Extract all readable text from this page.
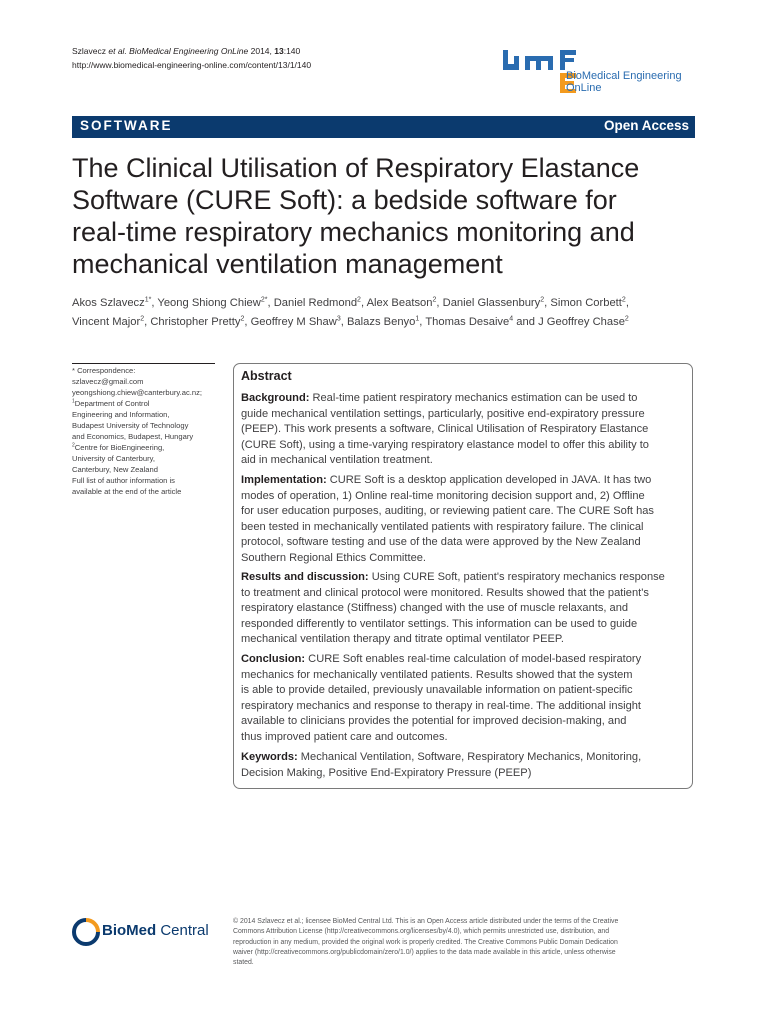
Szlavecz et al. BioMedical Engineering OnLine 2014, 13:140
http://www.biomedical-engineering-online.com/content/13/1/140
BioMedical Engineering
OnLine
SOFTWARE	Open Access
The Clinical Utilisation of Respiratory Elastance
Software (CURE Soft): a bedside software for
real-time respiratory mechanics monitoring and
mechanical ventilation management
Akos Szlavecz$^{1*}$, Yeong Shiong Chiew$^{2*}$, Daniel Redmond$^2$, Alex Beatson$^2$, Daniel Glassenbury$^2$, Simon Corbett$^2$,
Vincent Major$^2$, Christopher Pretty$^2$, Geoffrey M Shaw$^3$, Balazs Benyo$^1$, Thomas Desaive$^4$ and J Geoffrey Chase$^2$
* Correspondence:
szlavecz@gmail.com
yeongshiong.chiew@canterbury.ac.nz;
$^1$Department of Control
Engineering and Information,
Budapest University of Technology
and Economics, Budapest, Hungary
$^2$Centre for BioEngineering,
University of Canterbury,
Canterbury, New Zealand
Full list of author information is
available at the end of the article
Abstract
Background: Real-time patient respiratory mechanics estimation can be used to
guide mechanical ventilation settings, particularly, positive end-expiratory pressure
(PEEP). This work presents a software, Clinical Utilisation of Respiratory Elastance
(CURE Soft), using a time-varying respiratory elastance model to offer this ability to
aid in mechanical ventilation treatment.
Implementation: CURE Soft is a desktop application developed in JAVA. It has two
modes of operation, 1) Online real-time monitoring decision support and, 2) Offline
for user education purposes, auditing, or reviewing patient care. The CURE Soft has
been tested in mechanically ventilated patients with respiratory failure. The clinical
protocol, software testing and use of the data were approved by the New Zealand
Southern Regional Ethics Committee.
Results and discussion: Using CURE Soft, patient's respiratory mechanics response
to treatment and clinical protocol were monitored. Results showed that the patient's
respiratory elastance (Stiffness) changed with the use of muscle relaxants, and
responded differently to ventilator settings. This information can be used to guide
mechanical ventilation therapy and titrate optimal ventilator PEEP.
Conclusion: CURE Soft enables real-time calculation of model-based respiratory
mechanics for mechanically ventilated patients. Results showed that the system
is able to provide detailed, previously unavailable information on patient-specific
respiratory mechanics and response to therapy in real-time. The additional insight
available to clinicians provides the potential for improved decision-making, and
thus improved patient care and outcomes.
Keywords: Mechanical Ventilation, Software, Respiratory Mechanics, Monitoring,
Decision Making, Positive End-Expiratory Pressure (PEEP)
BioMed Central
© 2014 Szlavecz et al.; licensee BioMed Central Ltd. This is an Open Access article distributed under the terms of the Creative
Commons Attribution License (http://creativecommons.org/licenses/by/4.0), which permits unrestricted use, distribution, and
reproduction in any medium, provided the original work is properly credited. The Creative Commons Public Domain Dedication
waiver (http://creativecommons.org/publicdomain/zero/1.0/) applies to the data made available in this article, unless otherwise
stated.
